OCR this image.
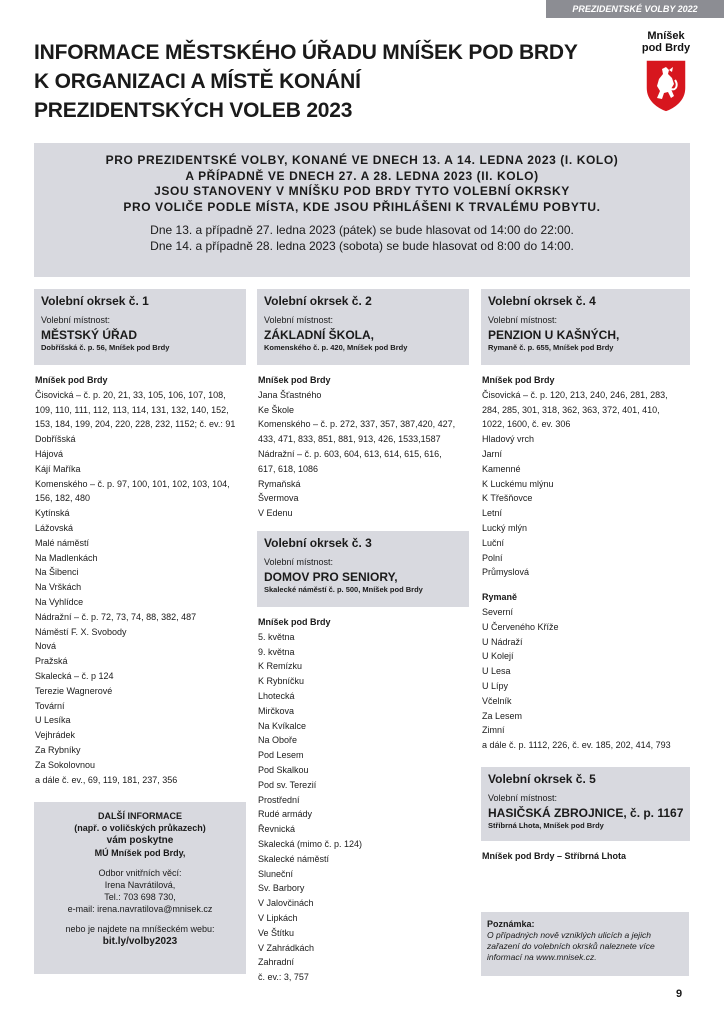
PREZIDENTSKÉ VOLBY 2022
INFORMACE MĚSTSKÉHO ÚŘADU MNÍŠEK POD BRDY
K ORGANIZACI A MÍSTĚ KONÁNÍ
PREZIDENTSKÝCH VOLEB 2023
Mníšek
pod Brdy
PRO PREZIDENTSKÉ VOLBY, KONANÉ VE DNECH 13. A 14. LEDNA 2023 (I. KOLO)
A PŘÍPADNĚ VE DNECH 27. A 28. LEDNA 2023 (II. KOLO)
JSOU STANOVENY V MNÍŠKU POD BRDY TYTO VOLEBNÍ OKRSKY
PRO VOLIČE PODLE MÍSTA, KDE JSOU PŘIHLÁŠENI K TRVALÉMU POBYTU.
Dne 13. a případně 27. ledna 2023 (pátek) se bude hlasovat od 14:00 do 22:00.
Dne 14. a případně 28. ledna 2023 (sobota) se bude hlasovat od 8:00 do 14:00.
Volební okrsek č. 1
Volební místnost:
MĚSTSKÝ ÚŘAD
Dobříšská č. p. 56, Mníšek pod Brdy
Mníšek pod Brdy
Čisovická – č. p. 20, 21, 33, 105, 106, 107, 108,
109, 110, 111, 112, 113, 114, 131, 132, 140, 152,
153, 184, 199, 204, 220, 228, 232, 1152; č. ev.: 91
Dobříšská
Hájová
Kájí Maříka
Komenského – č. p. 97, 100, 101, 102, 103, 104,
156, 182, 480
Kytínská
Lážovská
Malé náměstí
Na Madlenkách
Na Šibenci
Na Vrškách
Na Vyhlídce
Nádražní – č. p. 72, 73, 74, 88, 382, 487
Náměstí F. X. Svobody
Nová
Pražská
Skalecká – č. p 124
Terezie Wagnerové
Tovární
U Lesíka
Vejhrádek
Za Rybníky
Za Sokolovnou
a dále č. ev., 69, 119, 181, 237, 356
Volební okrsek č. 2
Volební místnost:
ZÁKLADNÍ ŠKOLA,
Komenského č. p. 420, Mníšek pod Brdy
Mníšek pod Brdy
Jana Šťastného
Ke Škole
Komenského – č. p. 272, 337, 357, 387,420, 427,
433, 471, 833, 851, 881, 913, 426, 1533,1587
Nádražní – č. p. 603, 604, 613, 614, 615, 616,
617, 618, 1086
Rymaňská
Švermova
V Edenu
Volební okrsek č. 3
Volební místnost:
DOMOV PRO SENIORY,
Skalecké náměstí č. p. 500, Mníšek pod Brdy
Mníšek pod Brdy
5. května
9. května
K Remízku
K Rybníčku
Lhotecká
Mirčkova
Na Kvíkalce
Na Oboře
Pod Lesem
Pod Skalkou
Pod sv. Terezií
Prostřední
Rudé armády
Řevnická
Skalecká (mimo č. p. 124)
Skalecké náměstí
Sluneční
Sv. Barbory
V Jalovčinách
V Lipkách
Ve Štítku
V Zahrádkách
Zahradní
č. ev.: 3, 757
Volební okrsek č. 4
Volební místnost:
PENZION U KAŠNÝCH,
Rymaně č. p. 655, Mníšek pod Brdy
Mníšek pod Brdy
Čisovická – č. p. 120, 213, 240, 246, 281, 283,
284, 285, 301, 318, 362, 363, 372, 401, 410,
1022, 1600, č. ev. 306
Hladový vrch
Jarní
Kamenné
K Luckému mlýnu
K Třešňovce
Letní
Lucký mlýn
Luční
Polní
Průmyslová
Rymaně
Severní
U Červeného Kříže
U Nádraží
U Kolejí
U Lesa
U Lípy
Včelník
Za Lesem
Zimní
a dále č. p. 1112, 226, č. ev. 185, 202, 414, 793
Volební okrsek č. 5
Volební místnost:
HASIČSKÁ ZBROJNICE, č. p. 1167
Stříbrná Lhota, Mníšek pod Brdy
Mníšek pod Brdy – Stříbrná Lhota
DALŠÍ INFORMACE
(např. o voličských průkazech)
vám poskytne
MÚ Mníšek pod Brdy,
Odbor vnitřních věcí:
Irena Navrátilová,
Tel.: 703 698 730,
e-mail: irena.navratilova@mnisek.cz
nebo je najdete na mníšeckém webu:
bit.ly/volby2023
Poznámka:
O případných nově vzniklých ulicích a jejich zařazení do volebních okrsků naleznete více informací na www.mnisek.cz.
9
